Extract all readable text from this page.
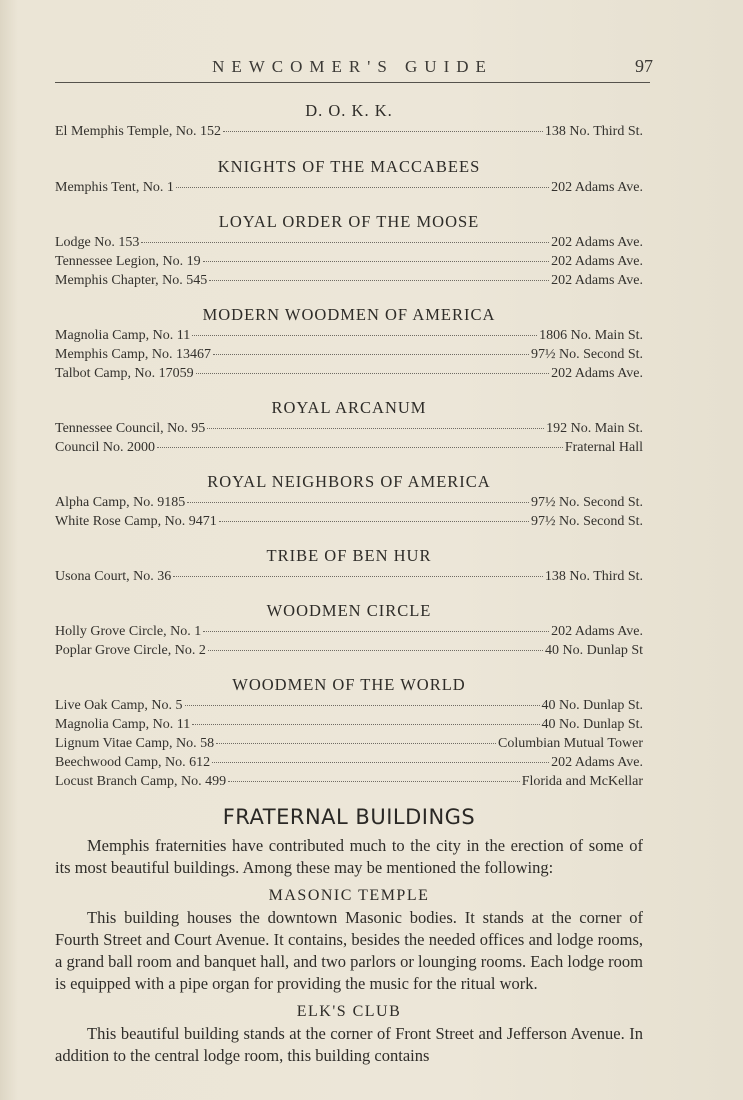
NEWCOMER'S GUIDE	97
D. O. K. K.
El Memphis Temple, No. 152	138 No. Third St.
KNIGHTS OF THE MACCABEES
Memphis Tent, No. 1	202 Adams Ave.
LOYAL ORDER OF THE MOOSE
Lodge No. 153	202 Adams Ave.
Tennessee Legion, No. 19	202 Adams Ave.
Memphis Chapter, No. 545	202 Adams Ave.
MODERN WOODMEN OF AMERICA
Magnolia Camp, No. 11	1806 No. Main St.
Memphis Camp, No. 13467	97½ No. Second St.
Talbot Camp, No. 17059	202 Adams Ave.
ROYAL ARCANUM
Tennessee Council, No. 95	192 No. Main St.
Council No. 2000	Fraternal Hall
ROYAL NEIGHBORS OF AMERICA
Alpha Camp, No. 9185	97½ No. Second St.
White Rose Camp, No. 9471	97½ No. Second St.
TRIBE OF BEN HUR
Usona Court, No. 36	138 No. Third St.
WOODMEN CIRCLE
Holly Grove Circle, No. 1	202 Adams Ave.
Poplar Grove Circle, No. 2	40 No. Dunlap St
WOODMEN OF THE WORLD
Live Oak Camp, No. 5	40 No. Dunlap St.
Magnolia Camp, No. 11	40 No. Dunlap St.
Lignum Vitae Camp, No. 58	Columbian Mutual Tower
Beechwood Camp, No. 612	202 Adams Ave.
Locust Branch Camp, No. 499	Florida and McKellar
FRATERNAL BUILDINGS

Memphis fraternities have contributed much to the city in the erection of some of its most beautiful buildings. Among these may be mentioned the following:

MASONIC TEMPLE

This building houses the downtown Masonic bodies. It stands at the corner of Fourth Street and Court Avenue. It contains, besides the needed offices and lodge rooms, a grand ball room and banquet hall, and two parlors or lounging rooms. Each lodge room is equipped with a pipe organ for providing the music for the ritual work.

ELK'S CLUB

This beautiful building stands at the corner of Front Street and Jefferson Avenue. In addition to the central lodge room, this building contains
